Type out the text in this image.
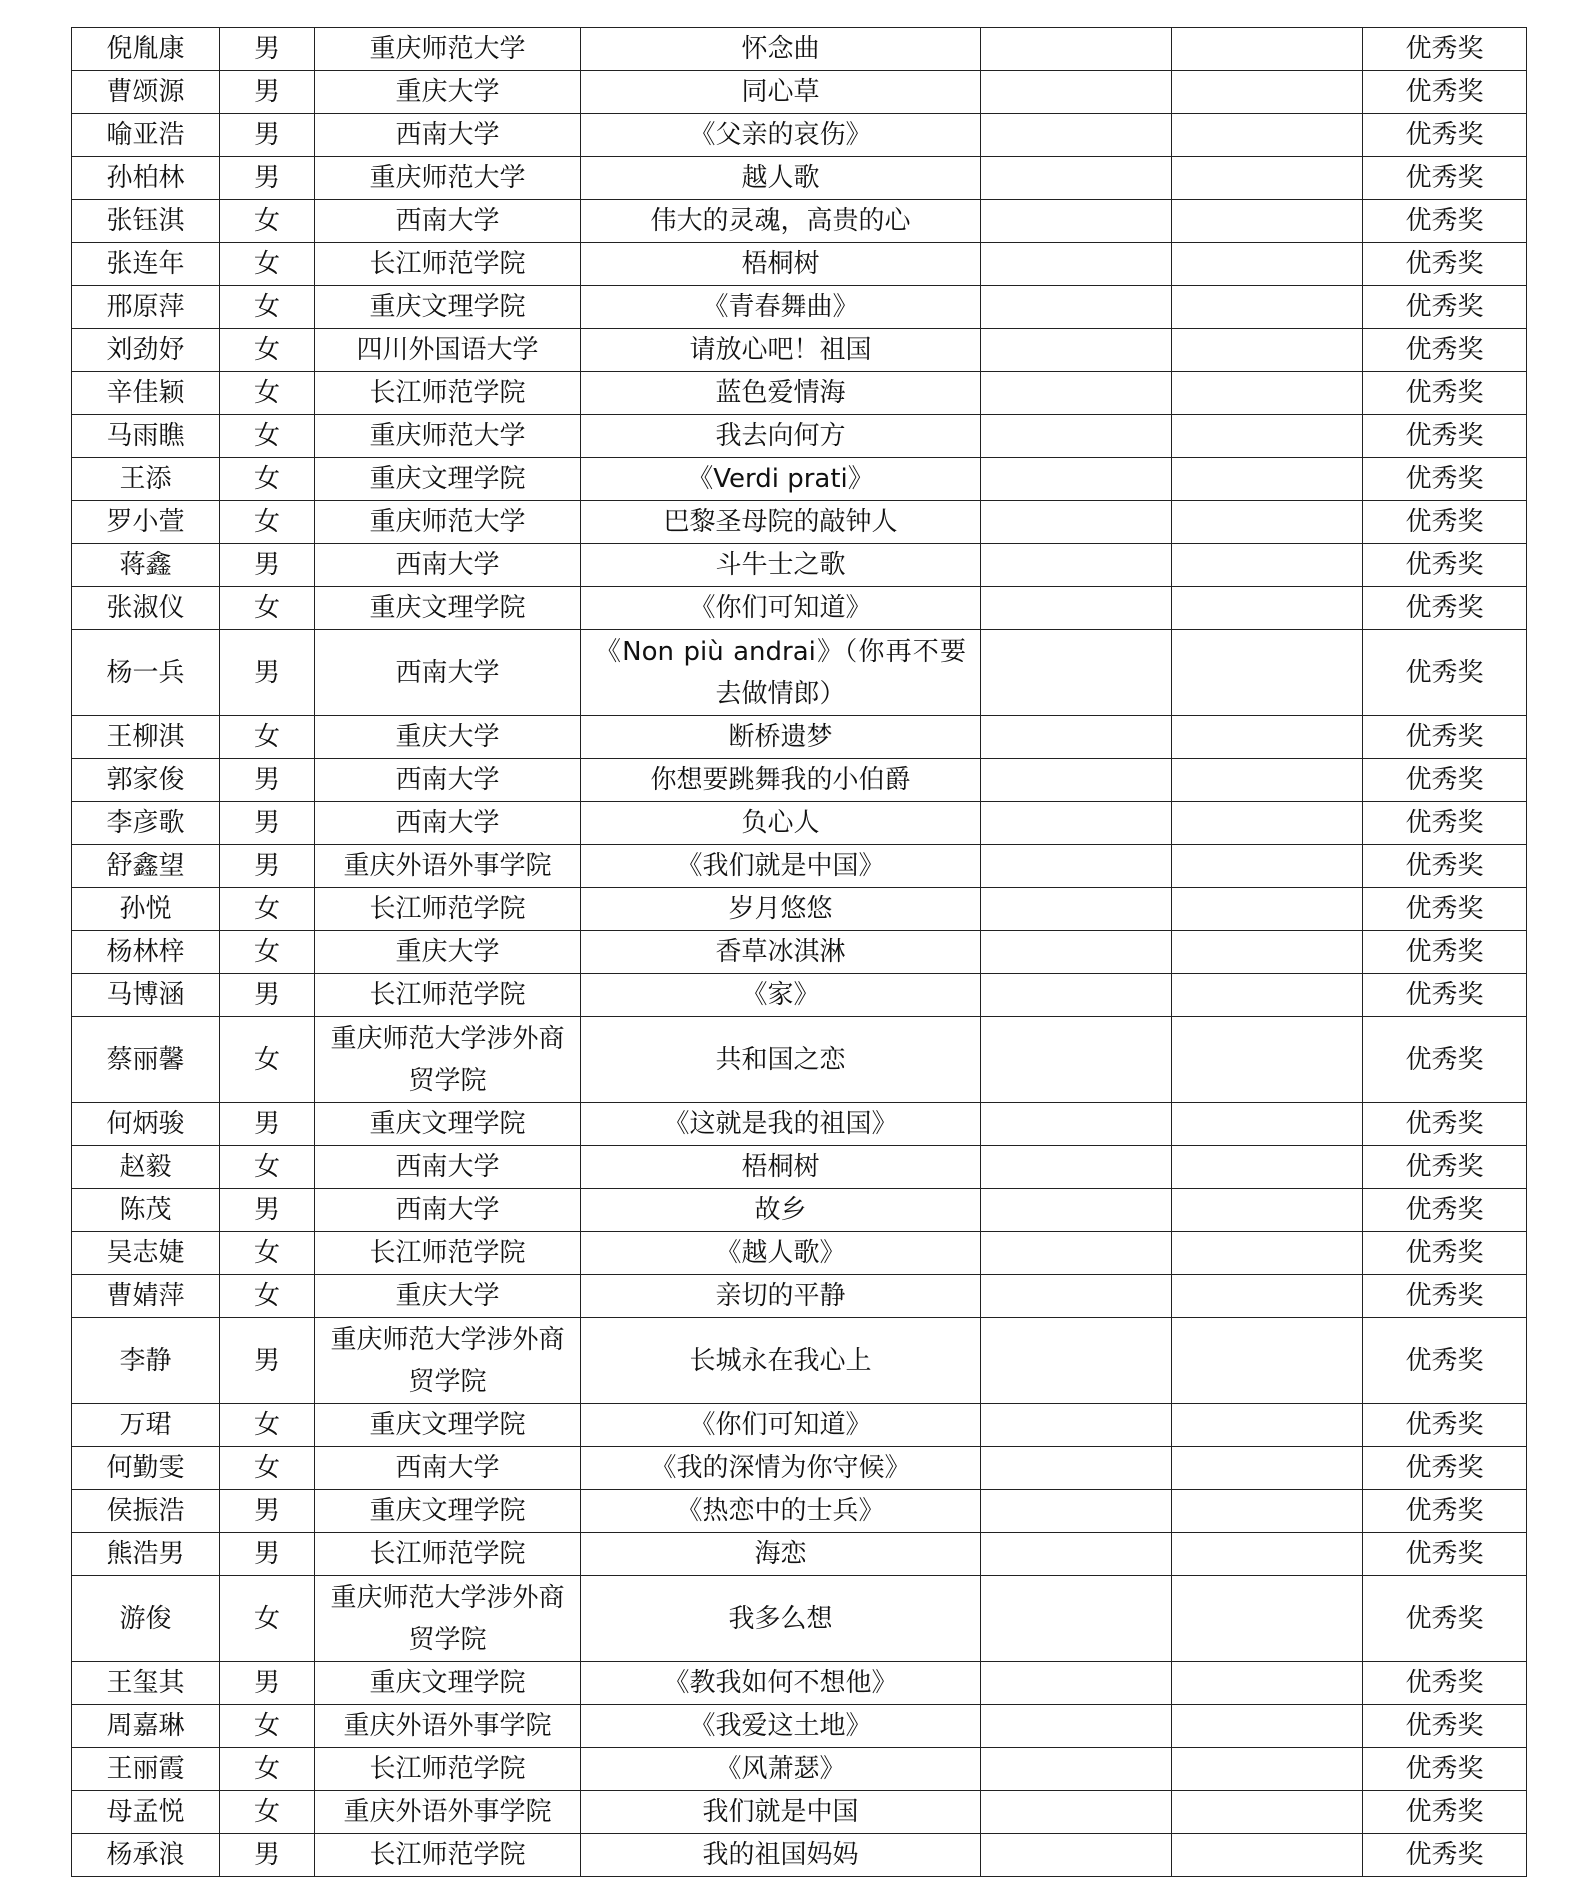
倪胤康	男	重庆师范大学	怀念曲			优秀奖
曹颂源	男	重庆大学	同心草			优秀奖
喻亚浩	男	西南大学	《父亲的哀伤》			优秀奖
孙柏林	男	重庆师范大学	越人歌			优秀奖
张钰淇	女	西南大学	伟大的灵魂，高贵的心			优秀奖
张连年	女	长江师范学院	梧桐树			优秀奖
邢原萍	女	重庆文理学院	《青春舞曲》			优秀奖
刘劲妤	女	四川外国语大学	请放心吧！祖国			优秀奖
辛佳颖	女	长江师范学院	蓝色爱情海			优秀奖
马雨瞧	女	重庆师范大学	我去向何方			优秀奖
王添	女	重庆文理学院	《Verdi prati》			优秀奖
罗小萱	女	重庆师范大学	巴黎圣母院的敲钟人			优秀奖
蒋鑫	男	西南大学	斗牛士之歌			优秀奖
张淑仪	女	重庆文理学院	《你们可知道》			优秀奖
杨一兵	男	西南大学	《Non più andrai》（你再不要去做情郎）			优秀奖
王柳淇	女	重庆大学	断桥遗梦			优秀奖
郭家俊	男	西南大学	你想要跳舞我的小伯爵			优秀奖
李彦歌	男	西南大学	负心人			优秀奖
舒鑫望	男	重庆外语外事学院	《我们就是中国》			优秀奖
孙悦	女	长江师范学院	岁月悠悠			优秀奖
杨林梓	女	重庆大学	香草冰淇淋			优秀奖
马博涵	男	长江师范学院	《家》			优秀奖
蔡丽馨	女	重庆师范大学涉外商贸学院	共和国之恋			优秀奖
何炳骏	男	重庆文理学院	《这就是我的祖国》			优秀奖
赵毅	女	西南大学	梧桐树			优秀奖
陈茂	男	西南大学	故乡			优秀奖
吴志婕	女	长江师范学院	《越人歌》			优秀奖
曹婧萍	女	重庆大学	亲切的平静			优秀奖
李静	男	重庆师范大学涉外商贸学院	长城永在我心上			优秀奖
万珺	女	重庆文理学院	《你们可知道》			优秀奖
何勤雯	女	西南大学	《我的深情为你守候》			优秀奖
侯振浩	男	重庆文理学院	《热恋中的士兵》			优秀奖
熊浩男	男	长江师范学院	海恋			优秀奖
游俊	女	重庆师范大学涉外商贸学院	我多么想			优秀奖
王玺其	男	重庆文理学院	《教我如何不想他》			优秀奖
周嘉琳	女	重庆外语外事学院	《我爱这土地》			优秀奖
王丽霞	女	长江师范学院	《风萧瑟》			优秀奖
母孟悦	女	重庆外语外事学院	我们就是中国			优秀奖
杨承浪	男	长江师范学院	我的祖国妈妈			优秀奖
